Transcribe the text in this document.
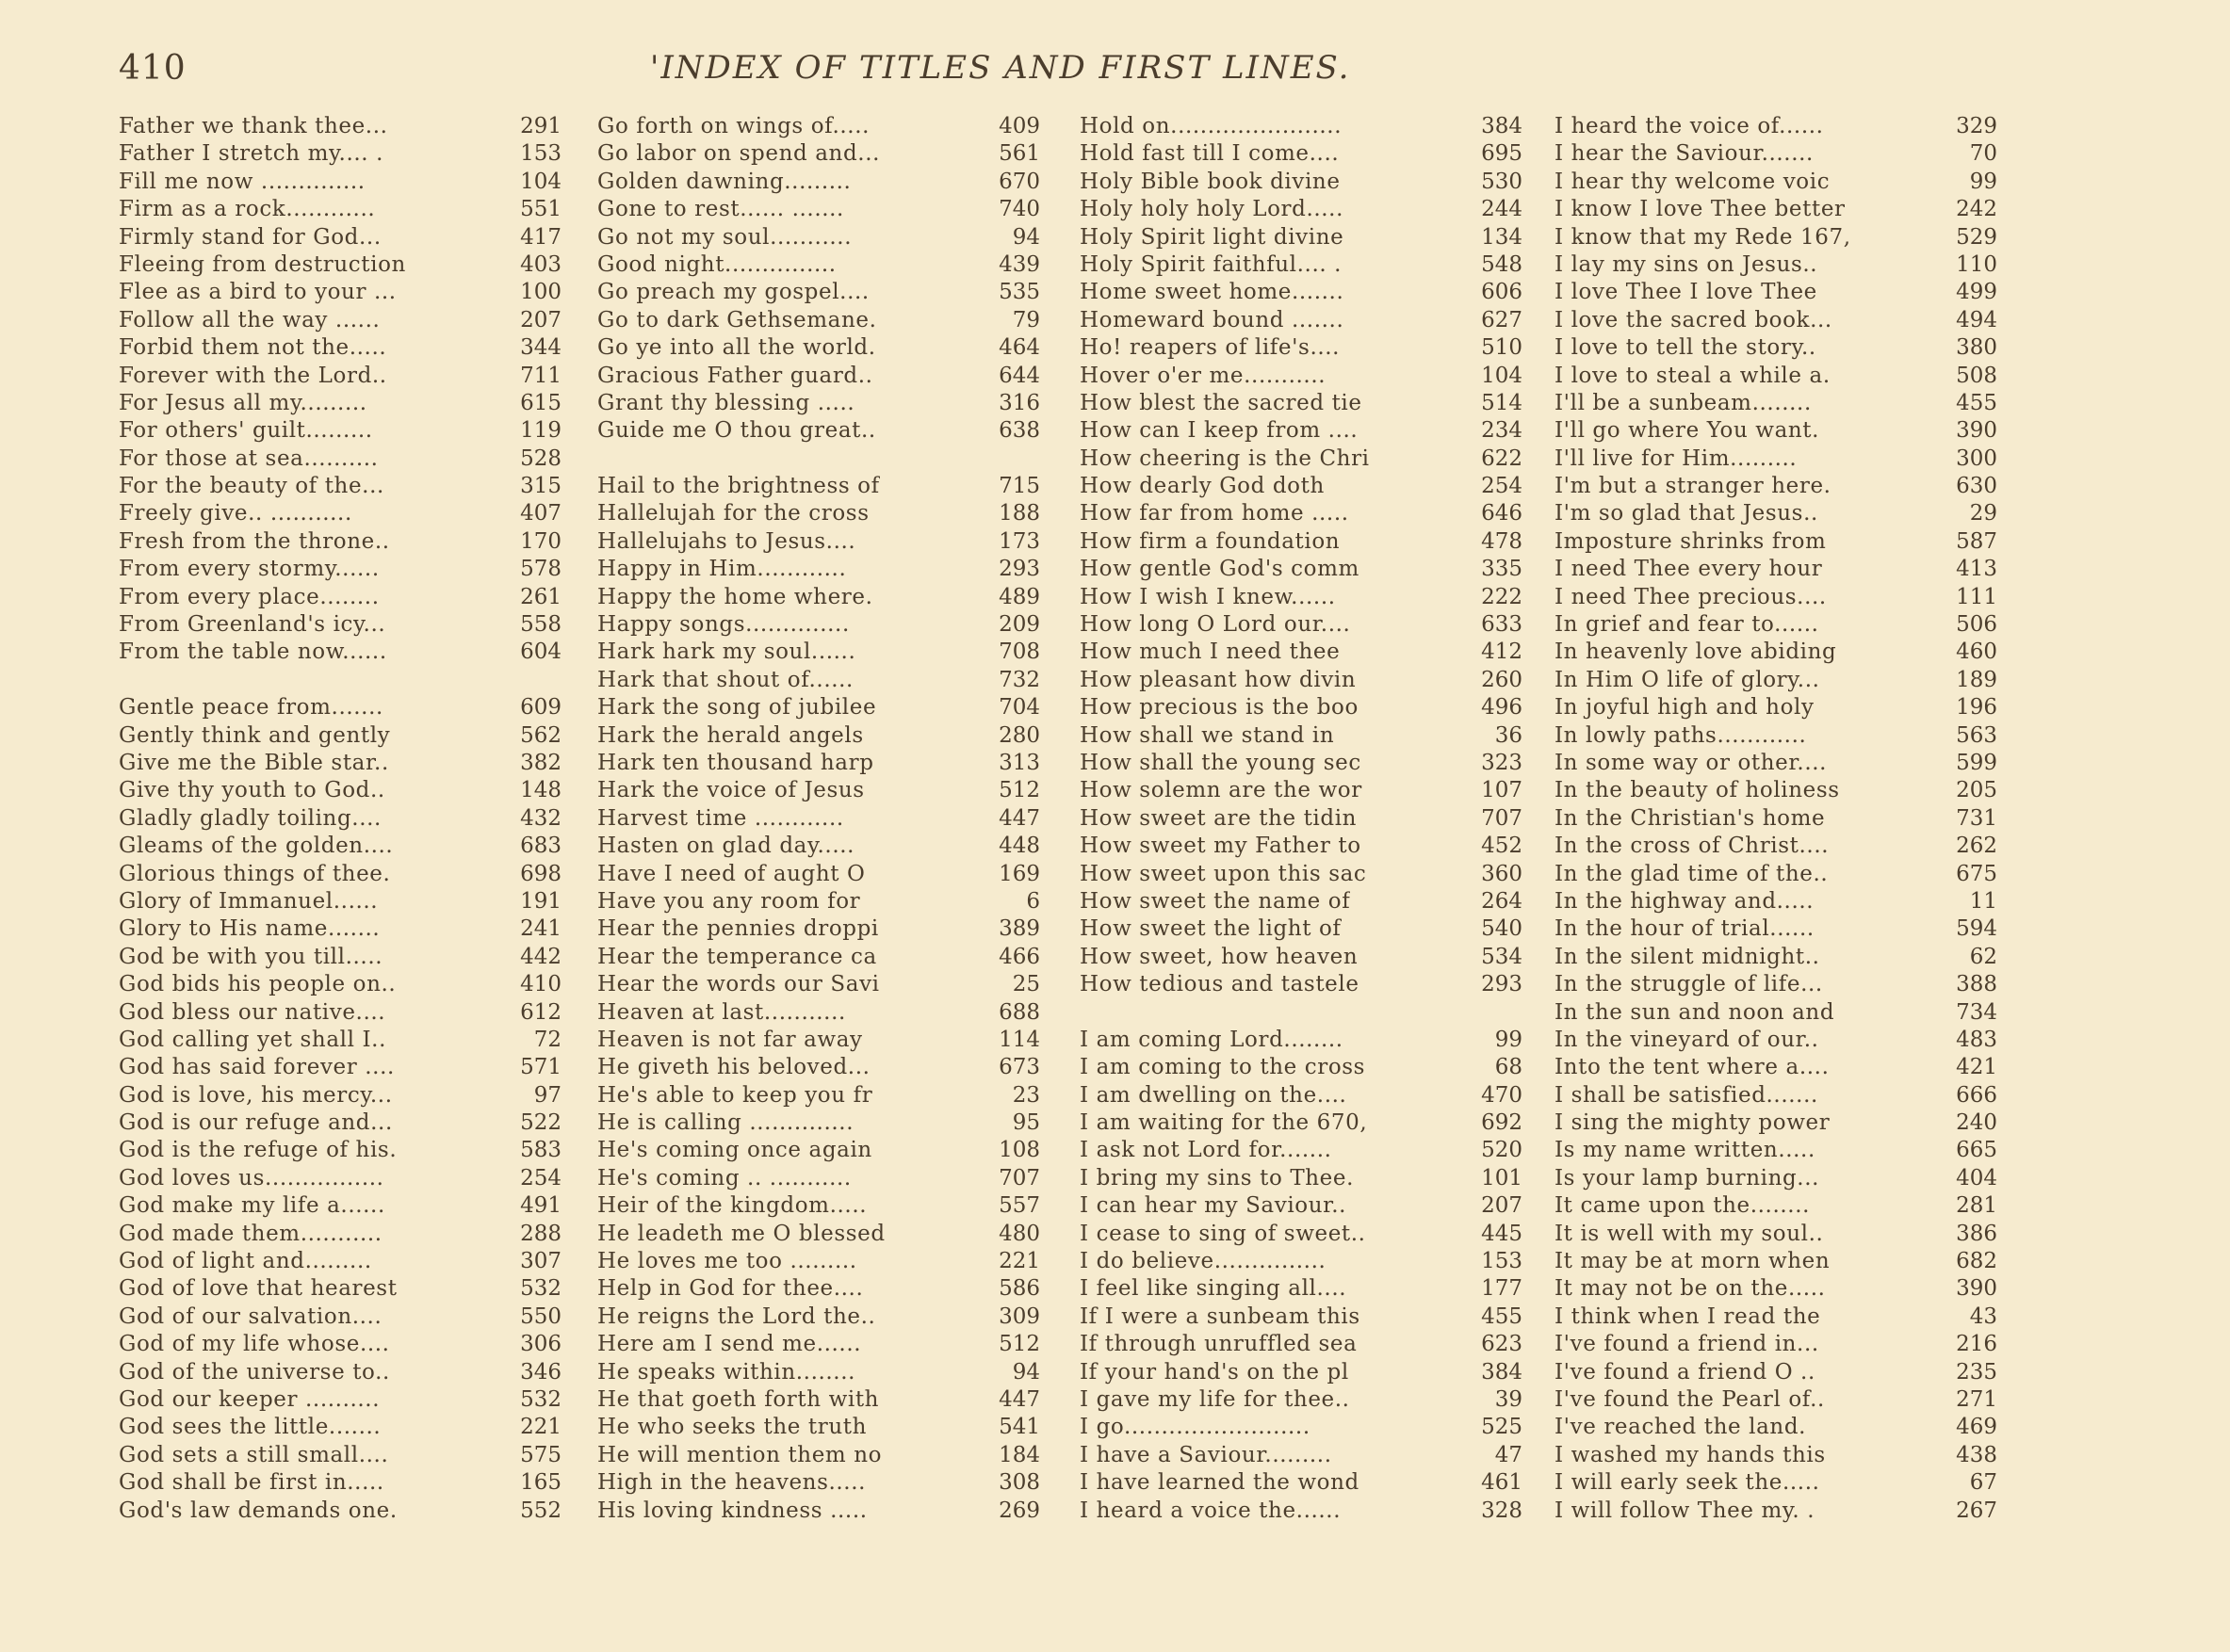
410	'INDEX OF TITLES AND FIRST LINES.
Father we thank thee...	291
Father I stretch my.... .	153
Fill me now ..............	104
Firm as a rock............	551
Firmly stand for God...	417
Fleeing from destruction	403
Flee as a bird to your ...	100
Follow all the way ......	207
Forbid them not the.....	344
Forever with the Lord..	711
For Jesus all my.........	615
For others' guilt.........	119
For those at sea..........	528
For the beauty of the...	315
Freely give.. ...........	407
Fresh from the throne..	170
From every stormy......	578
From every place........	261
From Greenland's icy...	558
From the table now......	604
Gentle peace from.......	609
Gently think and gently	562
Give me the Bible star..	382
Give thy youth to God..	148
Gladly gladly toiling....	432
Gleams of the golden....	683
Glorious things of thee.	698
Glory of Immanuel......	191
Glory to His name.......	241
God be with you till.....	442
God bids his people on..	410
God bless our native....	612
God calling yet shall I..	72
God has said forever ....	571
God is love, his mercy...	97
God is our refuge and...	522
God is the refuge of his.	583
God loves us................	254
God make my life a......	491
God made them...........	288
God of light and.........	307
God of love that hearest	532
God of our salvation....	550
God of my life whose....	306
God of the universe to..	346
God our keeper ..........	532
God sees the little.......	221
God sets a still small....	575
God shall be first in.....	165
God's law demands one.	552
Go forth on wings of.....	409
Go labor on spend and...	561
Golden dawning.........	670
Gone to rest...... .......	740
Go not my soul...........	94
Good night...............	439
Go preach my gospel....	535
Go to dark Gethsemane.	79
Go ye into all the world.	464
Gracious Father guard..	644
Grant thy blessing .....	316
Guide me O thou great..	638
Hail to the brightness of	715
Hallelujah for the cross	188
Hallelujahs to Jesus....	173
Happy in Him............	293
Happy the home where.	489
Happy songs..............	209
Hark hark my soul......	708
Hark that shout of......	732
Hark the song of jubilee	704
Hark the herald angels	280
Hark ten thousand harp	313
Hark the voice of Jesus	512
Harvest time ............	447
Hasten on glad day.....	448
Have I need of aught O	169
Have you any room for	6
Hear the pennies droppi	389
Hear the temperance ca	466
Hear the words our Savi	25
Heaven at last...........	688
Heaven is not far away	114
He giveth his beloved...	673
He's able to keep you fr	23
He is calling ..............	95
He's coming once again	108
He's coming .. ...........	707
Heir of the kingdom.....	557
He leadeth me O blessed	480
He loves me too .........	221
Help in God for thee....	586
He reigns the Lord the..	309
Here am I send me......	512
He speaks within........	94
He that goeth forth with	447
He who seeks the truth	541
He will mention them no	184
High in the heavens.....	308
His loving kindness .....	269
Hold on.......................	384
Hold fast till I come....	695
Holy Bible book divine	530
Holy holy holy Lord.....	244
Holy Spirit light divine	134
Holy Spirit faithful.... .	548
Home sweet home.......	606
Homeward bound .......	627
Ho! reapers of life's....	510
Hover o'er me...........	104
How blest the sacred tie	514
How can I keep from ....	234
How cheering is the Chri	622
How dearly God doth	254
How far from home .....	646
How firm a foundation	478
How gentle God's comm	335
How I wish I knew......	222
How long O Lord our....	633
How much I need thee	412
How pleasant how divin	260
How precious is the boo	496
How shall we stand in	36
How shall the young sec	323
How solemn are the wor	107
How sweet are the tidin	707
How sweet my Father to	452
How sweet upon this sac	360
How sweet the name of	264
How sweet the light of	540
How sweet, how heaven	534
How tedious and tastele	293
I am coming Lord........	99
I am coming to the cross	68
I am dwelling on the....	470
I am waiting for the 670,	692
I ask not Lord for.......	520
I bring my sins to Thee.	101
I can hear my Saviour..	207
I cease to sing of sweet..	445
I do believe...............	153
I feel like singing all....	177
If I were a sunbeam this	455
If through unruffled sea	623
If your hand's on the pl	384
I gave my life for thee..	39
I go.........................	525
I have a Saviour.........	47
I have learned the wond	461
I heard a voice the......	328
I heard the voice of......	329
I hear the Saviour.......	70
I hear thy welcome voic	99
I know I love Thee better	242
I know that my Rede 167,	529
I lay my sins on Jesus..	110
I love Thee I love Thee	499
I love the sacred book...	494
I love to tell the story..	380
I love to steal a while a.	508
I'll be a sunbeam........	455
I'll go where You want.	390
I'll live for Him.........	300
I'm but a stranger here.	630
I'm so glad that Jesus..	29
Imposture shrinks from	587
I need Thee every hour	413
I need Thee precious....	111
In grief and fear to......	506
In heavenly love abiding	460
In Him O life of glory...	189
In joyful high and holy	196
In lowly paths............	563
In some way or other....	599
In the beauty of holiness	205
In the Christian's home	731
In the cross of Christ....	262
In the glad time of the..	675
In the highway and.....	11
In the hour of trial......	594
In the silent midnight..	62
In the struggle of life...	388
In the sun and noon and	734
In the vineyard of our..	483
Into the tent where a....	421
I shall be satisfied.......	666
I sing the mighty power	240
Is my name written.....	665
Is your lamp burning...	404
It came upon the........	281
It is well with my soul..	386
It may be at morn when	682
It may not be on the.....	390
I think when I read the	43
I've found a friend in...	216
I've found a friend O ..	235
I've found the Pearl of..	271
I've reached the land.	469
I washed my hands this	438
I will early seek the.....	67
I will follow Thee my. .	267
